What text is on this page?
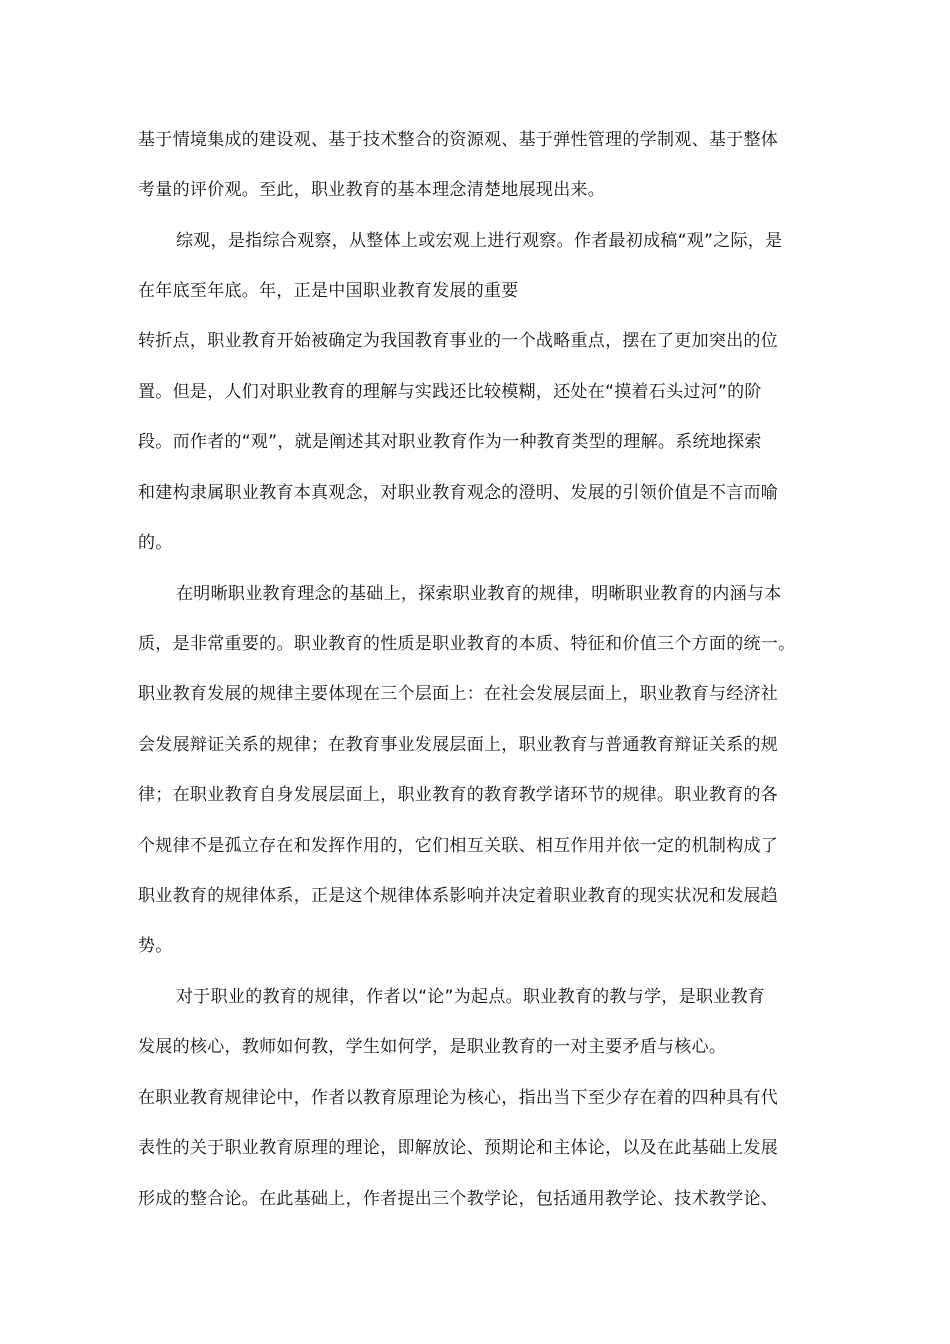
基于情境集成的建设观、基于技术整合的资源观、基于弹性管理的学制观、基于整体
考量的评价观。至此，职业教育的基本理念清楚地展现出来。
综观，是指综合观察，从整体上或宏观上进行观察。作者最初成稿“观”之际，是
在年底至年底。年，正是中国职业教育发展的重要
转折点，职业教育开始被确定为我国教育事业的一个战略重点，摆在了更加突出的位
置。但是，人们对职业教育的理解与实践还比较模糊，还处在“摸着石头过河”的阶
段。而作者的“观”，就是阐述其对职业教育作为一种教育类型的理解。系统地探索
和建构隶属职业教育本真观念，对职业教育观念的澄明、发展的引领价值是不言而喻
的。
在明晰职业教育理念的基础上，探索职业教育的规律，明晰职业教育的内涵与本
质，是非常重要的。职业教育的性质是职业教育的本质、特征和价值三个方面的统一。
职业教育发展的规律主要体现在三个层面上：在社会发展层面上，职业教育与经济社
会发展辩证关系的规律；在教育事业发展层面上，职业教育与普通教育辩证关系的规
律；在职业教育自身发展层面上，职业教育的教育教学诸环节的规律。职业教育的各
个规律不是孤立存在和发挥作用的，它们相互关联、相互作用并依一定的机制构成了
职业教育的规律体系，正是这个规律体系影响并决定着职业教育的现实状况和发展趋
势。
对于职业的教育的规律，作者以“论”为起点。职业教育的教与学，是职业教育
发展的核心，教师如何教，学生如何学，是职业教育的一对主要矛盾与核心。
在职业教育规律论中，作者以教育原理论为核心，指出当下至少存在着的四种具有代
表性的关于职业教育原理的理论，即解放论、预期论和主体论，以及在此基础上发展
形成的整合论。在此基础上，作者提出三个教学论，包括通用教学论、技术教学论、
